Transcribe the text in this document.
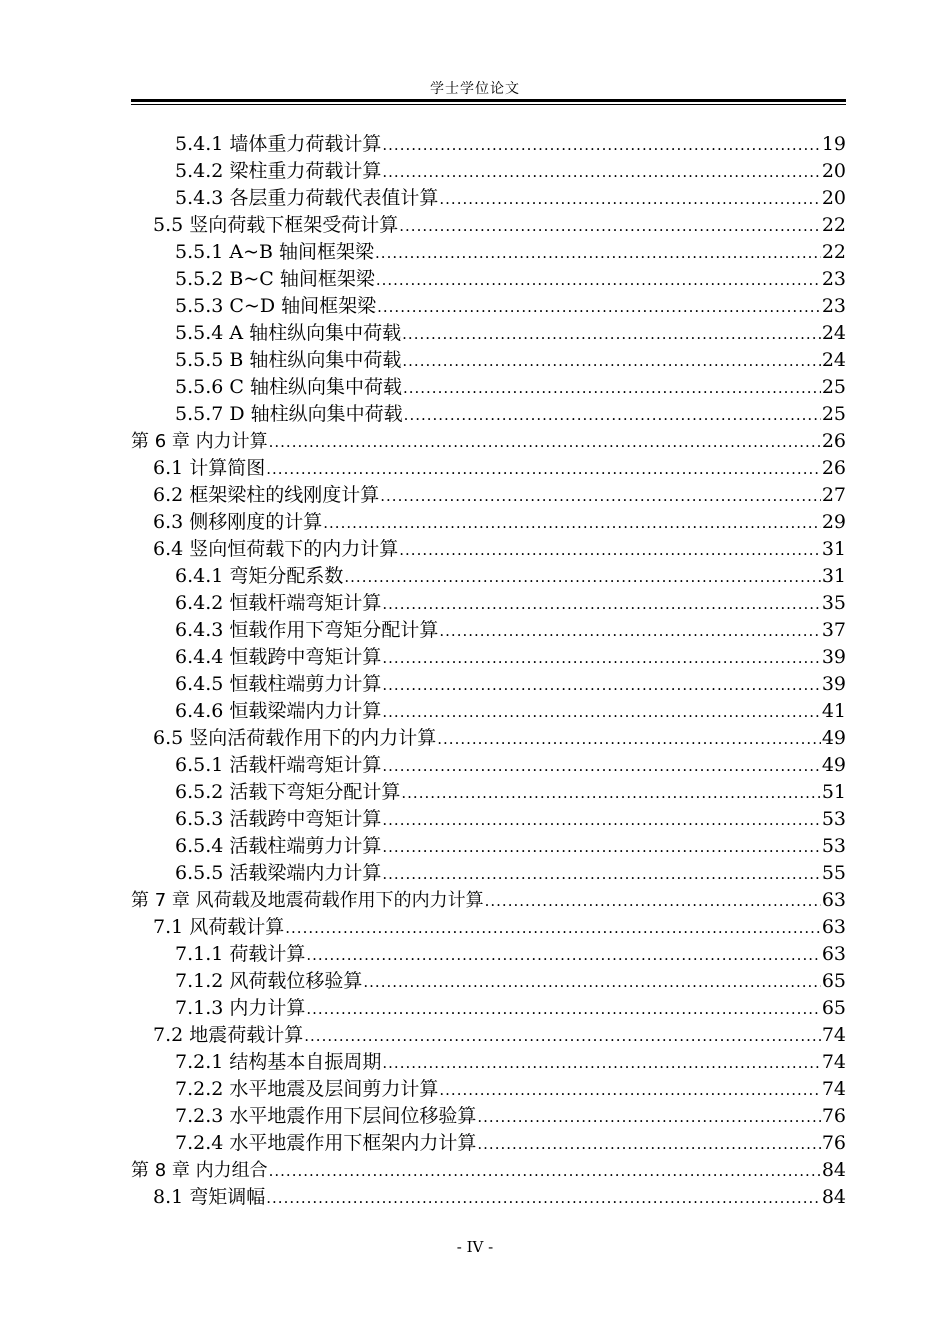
学士学位论文
5.4.1 墙体重力荷载计算 .....	19
5.4.2 梁柱重力荷载计算 .....	20
5.4.3 各层重力荷载代表值计算 .....	20
5.5 竖向荷载下框架受荷计算 .....	22
5.5.1 A~B 轴间框架梁 .....	22
5.5.2 B~C 轴间框架梁 .....	23
5.5.3 C~D 轴间框架梁 .....	23
5.5.4 A 轴柱纵向集中荷载 .....	24
5.5.5 B 轴柱纵向集中荷载 .....	24
5.5.6 C 轴柱纵向集中荷载 .....	25
5.5.7 D 轴柱纵向集中荷载 .....	25
第 6 章 内力计算 .....	26
6.1 计算简图 .....	26
6.2 框架梁柱的线刚度计算 .....	27
6.3 侧移刚度的计算 .....	29
6.4 竖向恒荷载下的内力计算 .....	31
6.4.1 弯矩分配系数 .....	31
6.4.2 恒载杆端弯矩计算 .....	35
6.4.3 恒载作用下弯矩分配计算 .....	37
6.4.4 恒载跨中弯矩计算 .....	39
6.4.5 恒载柱端剪力计算 .....	39
6.4.6 恒载梁端内力计算 .....	41
6.5 竖向活荷载作用下的内力计算 .....	49
6.5.1 活载杆端弯矩计算 .....	49
6.5.2 活载下弯矩分配计算 .....	51
6.5.3 活载跨中弯矩计算 .....	53
6.5.4 活载柱端剪力计算 .....	53
6.5.5 活载梁端内力计算 .....	55
第 7 章 风荷载及地震荷载作用下的内力计算 .....	63
7.1 风荷载计算 .....	63
7.1.1 荷载计算 .....	63
7.1.2 风荷载位移验算 .....	65
7.1.3 内力计算 .....	65
7.2 地震荷载计算 .....	74
7.2.1 结构基本自振周期 .....	74
7.2.2 水平地震及层间剪力计算 .....	74
7.2.3 水平地震作用下层间位移验算 .....	76
7.2.4 水平地震作用下框架内力计算 .....	76
第 8 章 内力组合 .....	84
8.1 弯矩调幅 .....	84
- IV -
